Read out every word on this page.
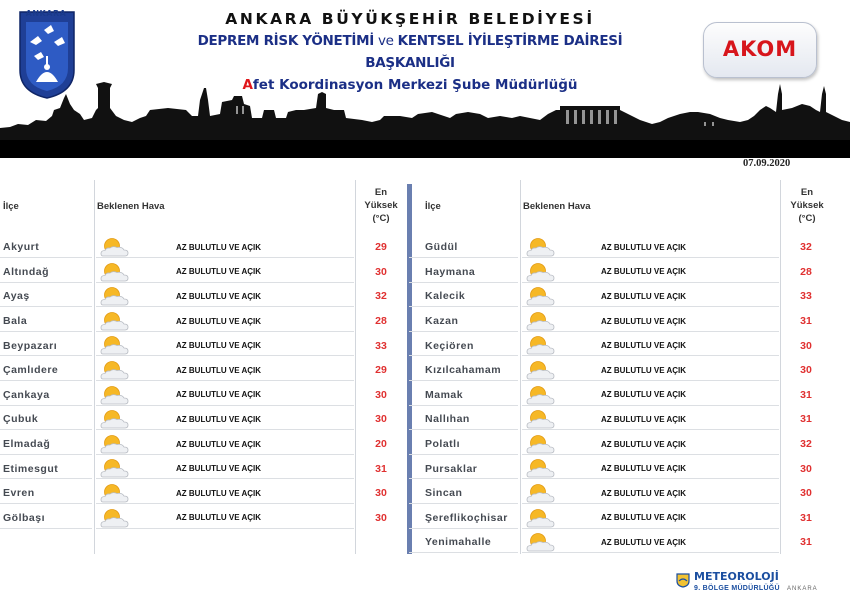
ANKARA	ANKARA BÜYÜKŞEHİR BELEDİYESİ
DEPREM RİSK YÖNETİMİ ve KENTSEL İYİLEŞTİRME DAİRESİ BAŞKANLIĞI
Afet Koordinasyon Merkezi Şube Müdürlüğü
AKOM
07.09.2020
İlçe	Beklenen Hava
En
Yüksek
(°C)
Akyurt	AZ BULUTLU VE AÇIK	29
Altındağ	AZ BULUTLU VE AÇIK	30
Ayaş	AZ BULUTLU VE AÇIK	32
Bala	AZ BULUTLU VE AÇIK	28
Beypazarı	AZ BULUTLU VE AÇIK	33
Çamlıdere	AZ BULUTLU VE AÇIK	29
Çankaya	AZ BULUTLU VE AÇIK	30
Çubuk	AZ BULUTLU VE AÇIK	30
Elmadağ	AZ BULUTLU VE AÇIK	20
Etimesgut	AZ BULUTLU VE AÇIK	31
Evren	AZ BULUTLU VE AÇIK	30
Gölbaşı	AZ BULUTLU VE AÇIK	30
İlçe	Beklenen Hava
En
Yüksek
(°C)
Güdül	AZ BULUTLU VE AÇIK	32
Haymana	AZ BULUTLU VE AÇIK	28
Kalecik	AZ BULUTLU VE AÇIK	33
Kazan	AZ BULUTLU VE AÇIK	31
Keçiören	AZ BULUTLU VE AÇIK	30
Kızılcahamam	AZ BULUTLU VE AÇIK	30
Mamak	AZ BULUTLU VE AÇIK	31
Nallıhan	AZ BULUTLU VE AÇIK	31
Polatlı	AZ BULUTLU VE AÇIK	32
Pursaklar	AZ BULUTLU VE AÇIK	30
Sincan	AZ BULUTLU VE AÇIK	30
Şereflikoçhisar	AZ BULUTLU VE AÇIK	31
Yenimahalle	AZ BULUTLU VE AÇIK	31
METEOROLOJİ
9. BÖLGE MÜDÜRLÜĞÜ ANKARA
